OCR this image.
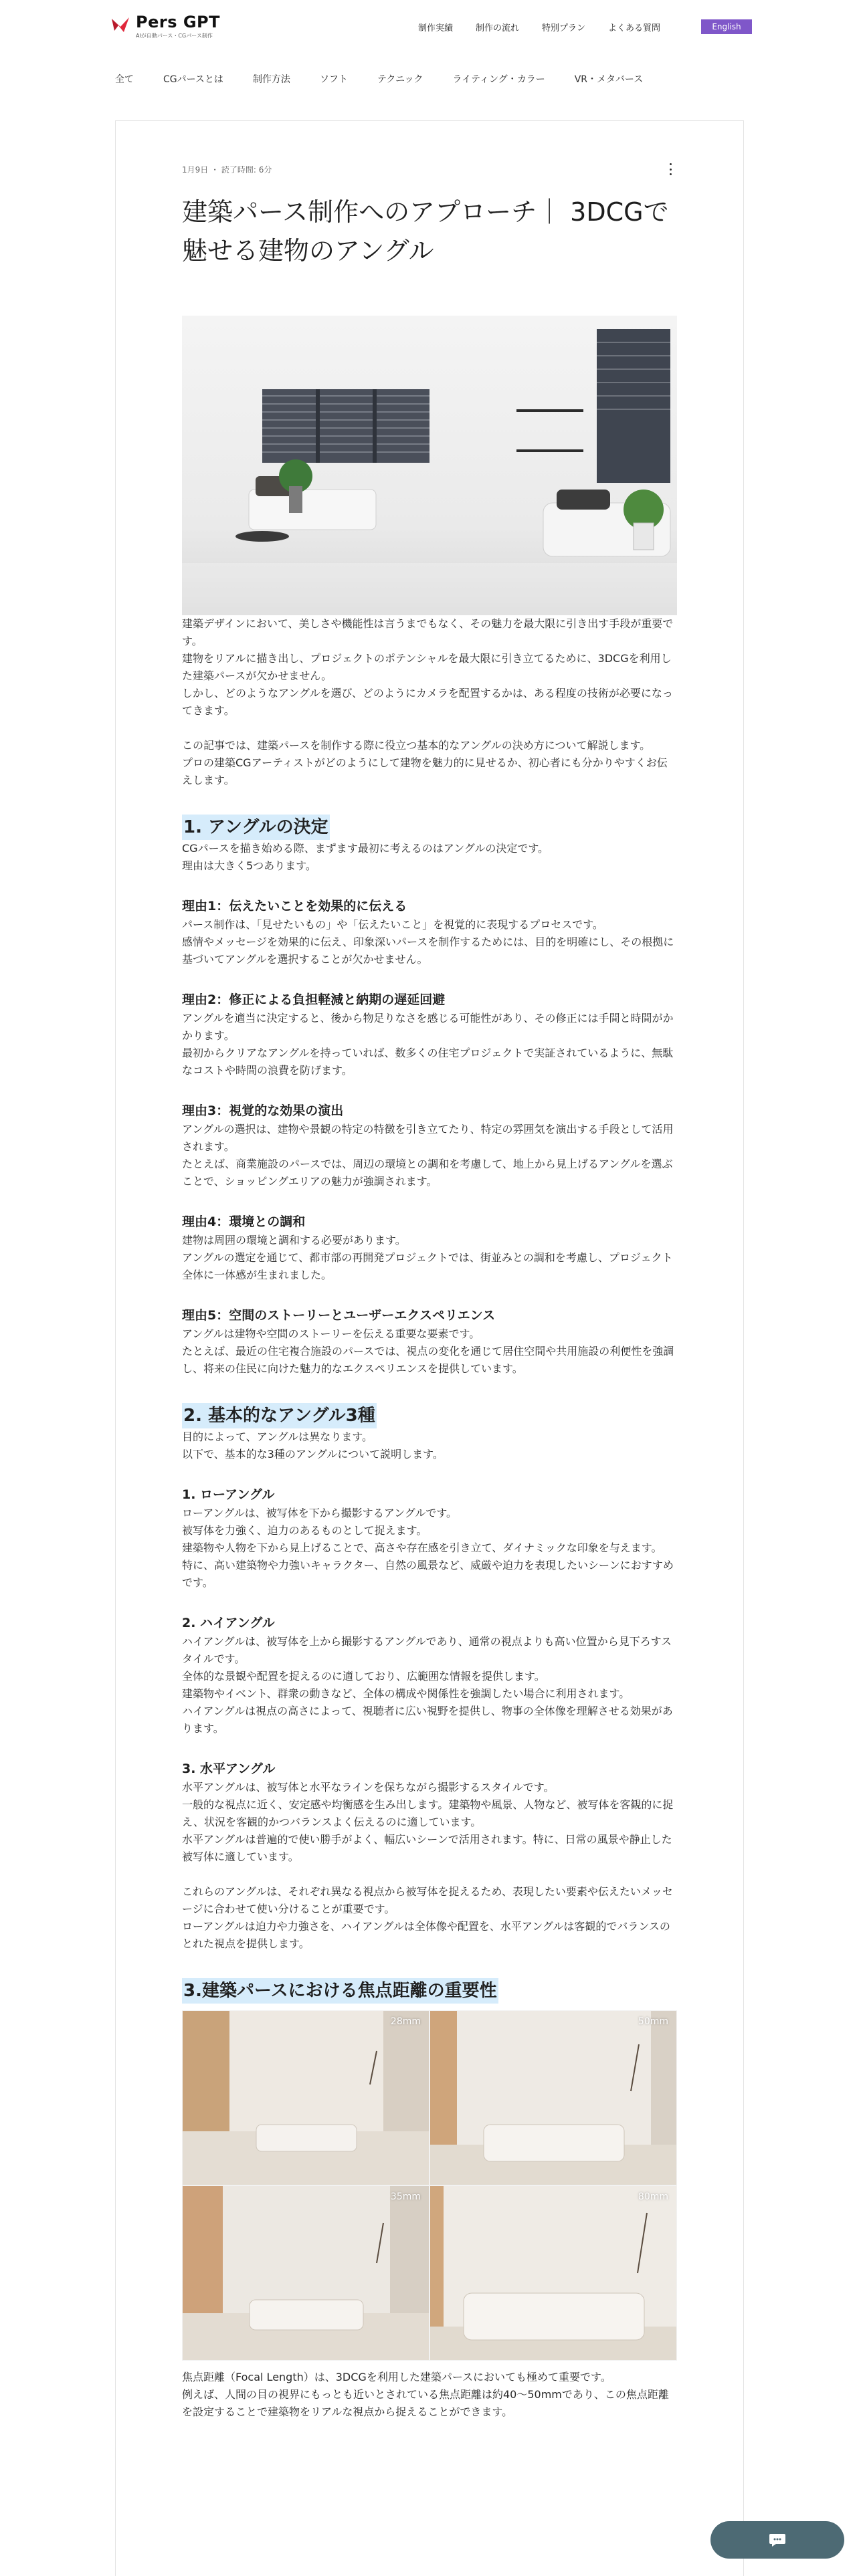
Pers GPT
AIが自動パース・CGパース制作
制作実績	制作の流れ	特別プラン	よくある質問	English
全て	CGパースとは	制作方法	ソフト	テクニック	ライティング・カラー	VR・メタバース
1月9日 ・ 読了時間: 6分
建築パース制作へのアプローチ｜ 3DCGで魅せる建物のアングル

建築デザインにおいて、美しさや機能性は言うまでもなく、その魅力を最大限に引き出す手段が重要です。

建物をリアルに描き出し、プロジェクトのポテンシャルを最大限に引き立てるために、3DCGを利用した建築パースが欠かせません。

しかし、どのようなアングルを選び、どのようにカメラを配置するかは、ある程度の技術が必要になってきます。

この記事では、建築パースを制作する際に役立つ基本的なアングルの決め方について解説します。

プロの建築CGアーティストがどのようにして建物を魅力的に見せるか、初心者にも分かりやすくお伝えします。

1. アングルの決定

CGパースを描き始める際、まずます最初に考えるのはアングルの決定です。

理由は大きく5つあります。

理由1：伝えたいことを効果的に伝える

パース制作は、「見せたいもの」や「伝えたいこと」を視覚的に表現するプロセスです。

感情やメッセージを効果的に伝え、印象深いパースを制作するためには、目的を明確にし、その根拠に基づいてアングルを選択することが欠かせません。

理由2：修正による負担軽減と納期の遅延回避

アングルを適当に決定すると、後から物足りなさを感じる可能性があり、その修正には手間と時間がかかります。

最初からクリアなアングルを持っていれば、数多くの住宅プロジェクトで実証されているように、無駄なコストや時間の浪費を防げます。

理由3：視覚的な効果の演出

アングルの選択は、建物や景観の特定の特徴を引き立てたり、特定の雰囲気を演出する手段として活用されます。

たとえば、商業施設のパースでは、周辺の環境との調和を考慮して、地上から見上げるアングルを選ぶことで、ショッピングエリアの魅力が強調されます。

理由4：環境との調和

建物は周囲の環境と調和する必要があります。

アングルの選定を通じて、都市部の再開発プロジェクトでは、街並みとの調和を考慮し、プロジェクト全体に一体感が生まれました。

理由5：空間のストーリーとユーザーエクスペリエンス

アングルは建物や空間のストーリーを伝える重要な要素です。

たとえば、最近の住宅複合施設のパースでは、視点の変化を通じて居住空間や共用施設の利便性を強調し、将来の住民に向けた魅力的なエクスペリエンスを提供しています。

2. 基本的なアングル3種

目的によって、アングルは異なります。

以下で、基本的な3種のアングルについて説明します。

1. ローアングル

ローアングルは、被写体を下から撮影するアングルです。

被写体を力強く、迫力のあるものとして捉えます。

建築物や人物を下から見上げることで、高さや存在感を引き立て、ダイナミックな印象を与えます。

特に、高い建築物や力強いキャラクター、自然の風景など、威厳や迫力を表現したいシーンにおすすめです。

2. ハイアングル

ハイアングルは、被写体を上から撮影するアングルであり、通常の視点よりも高い位置から見下ろすスタイルです。

全体的な景観や配置を捉えるのに適しており、広範囲な情報を提供します。

建築物やイベント、群衆の動きなど、全体の構成や関係性を強調したい場合に利用されます。

ハイアングルは視点の高さによって、視聴者に広い視野を提供し、物事の全体像を理解させる効果があります。

3. 水平アングル

水平アングルは、被写体と水平なラインを保ちながら撮影するスタイルです。

一般的な視点に近く、安定感や均衡感を生み出します。建築物や風景、人物など、被写体を客観的に捉え、状況を客観的かつバランスよく伝えるのに適しています。

水平アングルは普遍的で使い勝手がよく、幅広いシーンで活用されます。特に、日常の風景や静止した被写体に適しています。

これらのアングルは、それぞれ異なる視点から被写体を捉えるため、表現したい要素や伝えたいメッセージに合わせて使い分けることが重要です。

ローアングルは迫力や力強さを、ハイアングルは全体像や配置を、水平アングルは客観的でバランスのとれた視点を提供します。

3.建築パースにおける焦点距離の重要性
28mm	50mm
35mm	80mm

焦点距離（Focal Length）は、3DCGを利用した建築パースにおいても極めて重要です。

例えば、人間の目の視界にもっとも近いとされている焦点距離は約40〜50mmであり、この焦点距離を設定することで建築物をリアルな視点から捉えることができます。
